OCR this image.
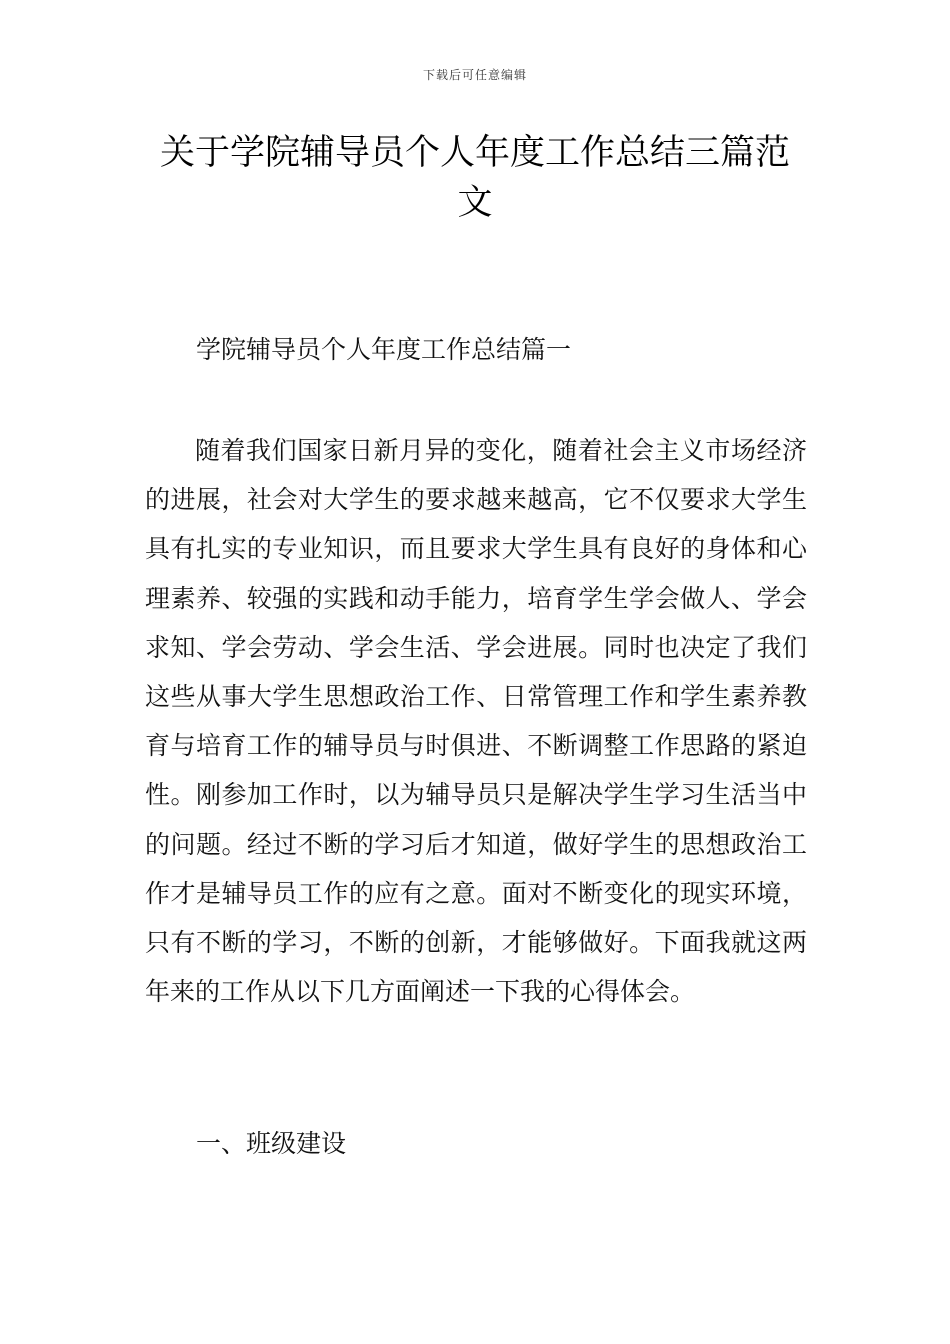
下载后可任意编辑
关于学院辅导员个人年度工作总结三篇范文
学院辅导员个人年度工作总结篇一

随着我们国家日新月异的变化，随着社会主义市场经济的进展，社会对大学生的要求越来越高，它不仅要求大学生具有扎实的专业知识，而且要求大学生具有良好的身体和心理素养、较强的实践和动手能力，培育学生学会做人、学会求知、学会劳动、学会生活、学会进展。同时也决定了我们这些从事大学生思想政治工作、日常管理工作和学生素养教育与培育工作的辅导员与时俱进、不断调整工作思路的紧迫性。刚参加工作时，以为辅导员只是解决学生学习生活当中的问题。经过不断的学习后才知道，做好学生的思想政治工作才是辅导员工作的应有之意。面对不断变化的现实环境，只有不断的学习，不断的创新，才能够做好。下面我就这两年来的工作从以下几方面阐述一下我的心得体会。

一、班级建设
